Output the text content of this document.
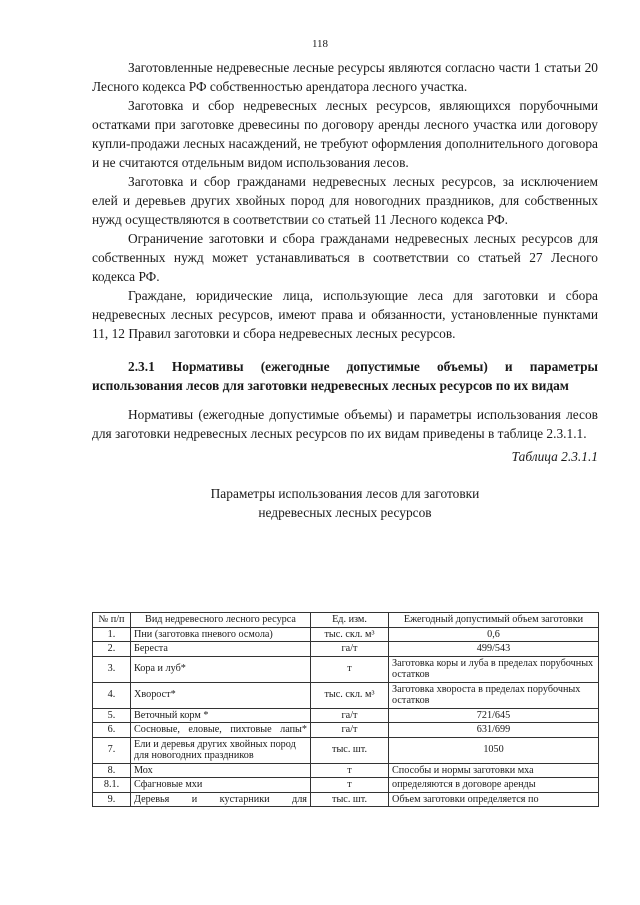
118

Заготовленные недревесные лесные ресурсы являются согласно части 1 статьи 20 Лесного кодекса РФ собственностью арендатора лесного участка.

Заготовка и сбор недревесных лесных ресурсов, являющихся порубочными остатками при заготовке древесины по договору аренды лесного участка или договору купли-продажи лесных насаждений, не требуют оформления дополнительного договора и не считаются отдельным видом использования лесов.

Заготовка и сбор гражданами недревесных лесных ресурсов, за исключением елей и деревьев других хвойных пород для новогодних праздников, для собственных нужд осуществляются в соответствии со статьей 11 Лесного кодекса РФ.

Ограничение заготовки и сбора гражданами недревесных лесных ресурсов для собственных нужд может устанавливаться в соответствии со статьей 27 Лесного кодекса РФ.

Граждане, юридические лица, использующие леса для заготовки и сбора недревесных лесных ресурсов, имеют права и обязанности, установленные пунктами 11, 12 Правил заготовки и сбора недревесных лесных ресурсов.

2.3.1 Нормативы (ежегодные допустимые объемы) и параметры использования лесов для заготовки недревесных лесных ресурсов по их видам

Нормативы (ежегодные допустимые объемы) и параметры использования лесов для заготовки недревесных лесных ресурсов по их видам приведены в таблице 2.3.1.1.

Таблица 2.3.1.1

Параметры использования лесов для заготовки
недревесных лесных ресурсов

№ п/п	Вид недревесного лесного ресурса	Ед. изм.	Ежегодный допустимый объем заготовки
1.	Пни (заготовка пневого осмола)	тыс. скл. м³	0,6
2.	Береста	га/т	499/543
3.	Кора и луб*	т	Заготовка коры и луба в пределах порубочных остатков
4.	Хворост*	тыс. скл. м³	Заготовка хвороста в пределах порубочных остатков
5.	Веточный корм *	га/т	721/645
6.	Сосновые, еловые, пихтовые лапы*	га/т	631/699
7.	Ели и деревья других хвойных пород для новогодних праздников	тыс. шт.	1050
8.	Мох	т	Способы и нормы заготовки мха
8.1.	Сфагновые мхи	т	определяются в договоре аренды
9.	Деревья и кустарники для	тыс. шт.	Объем заготовки определяется по
